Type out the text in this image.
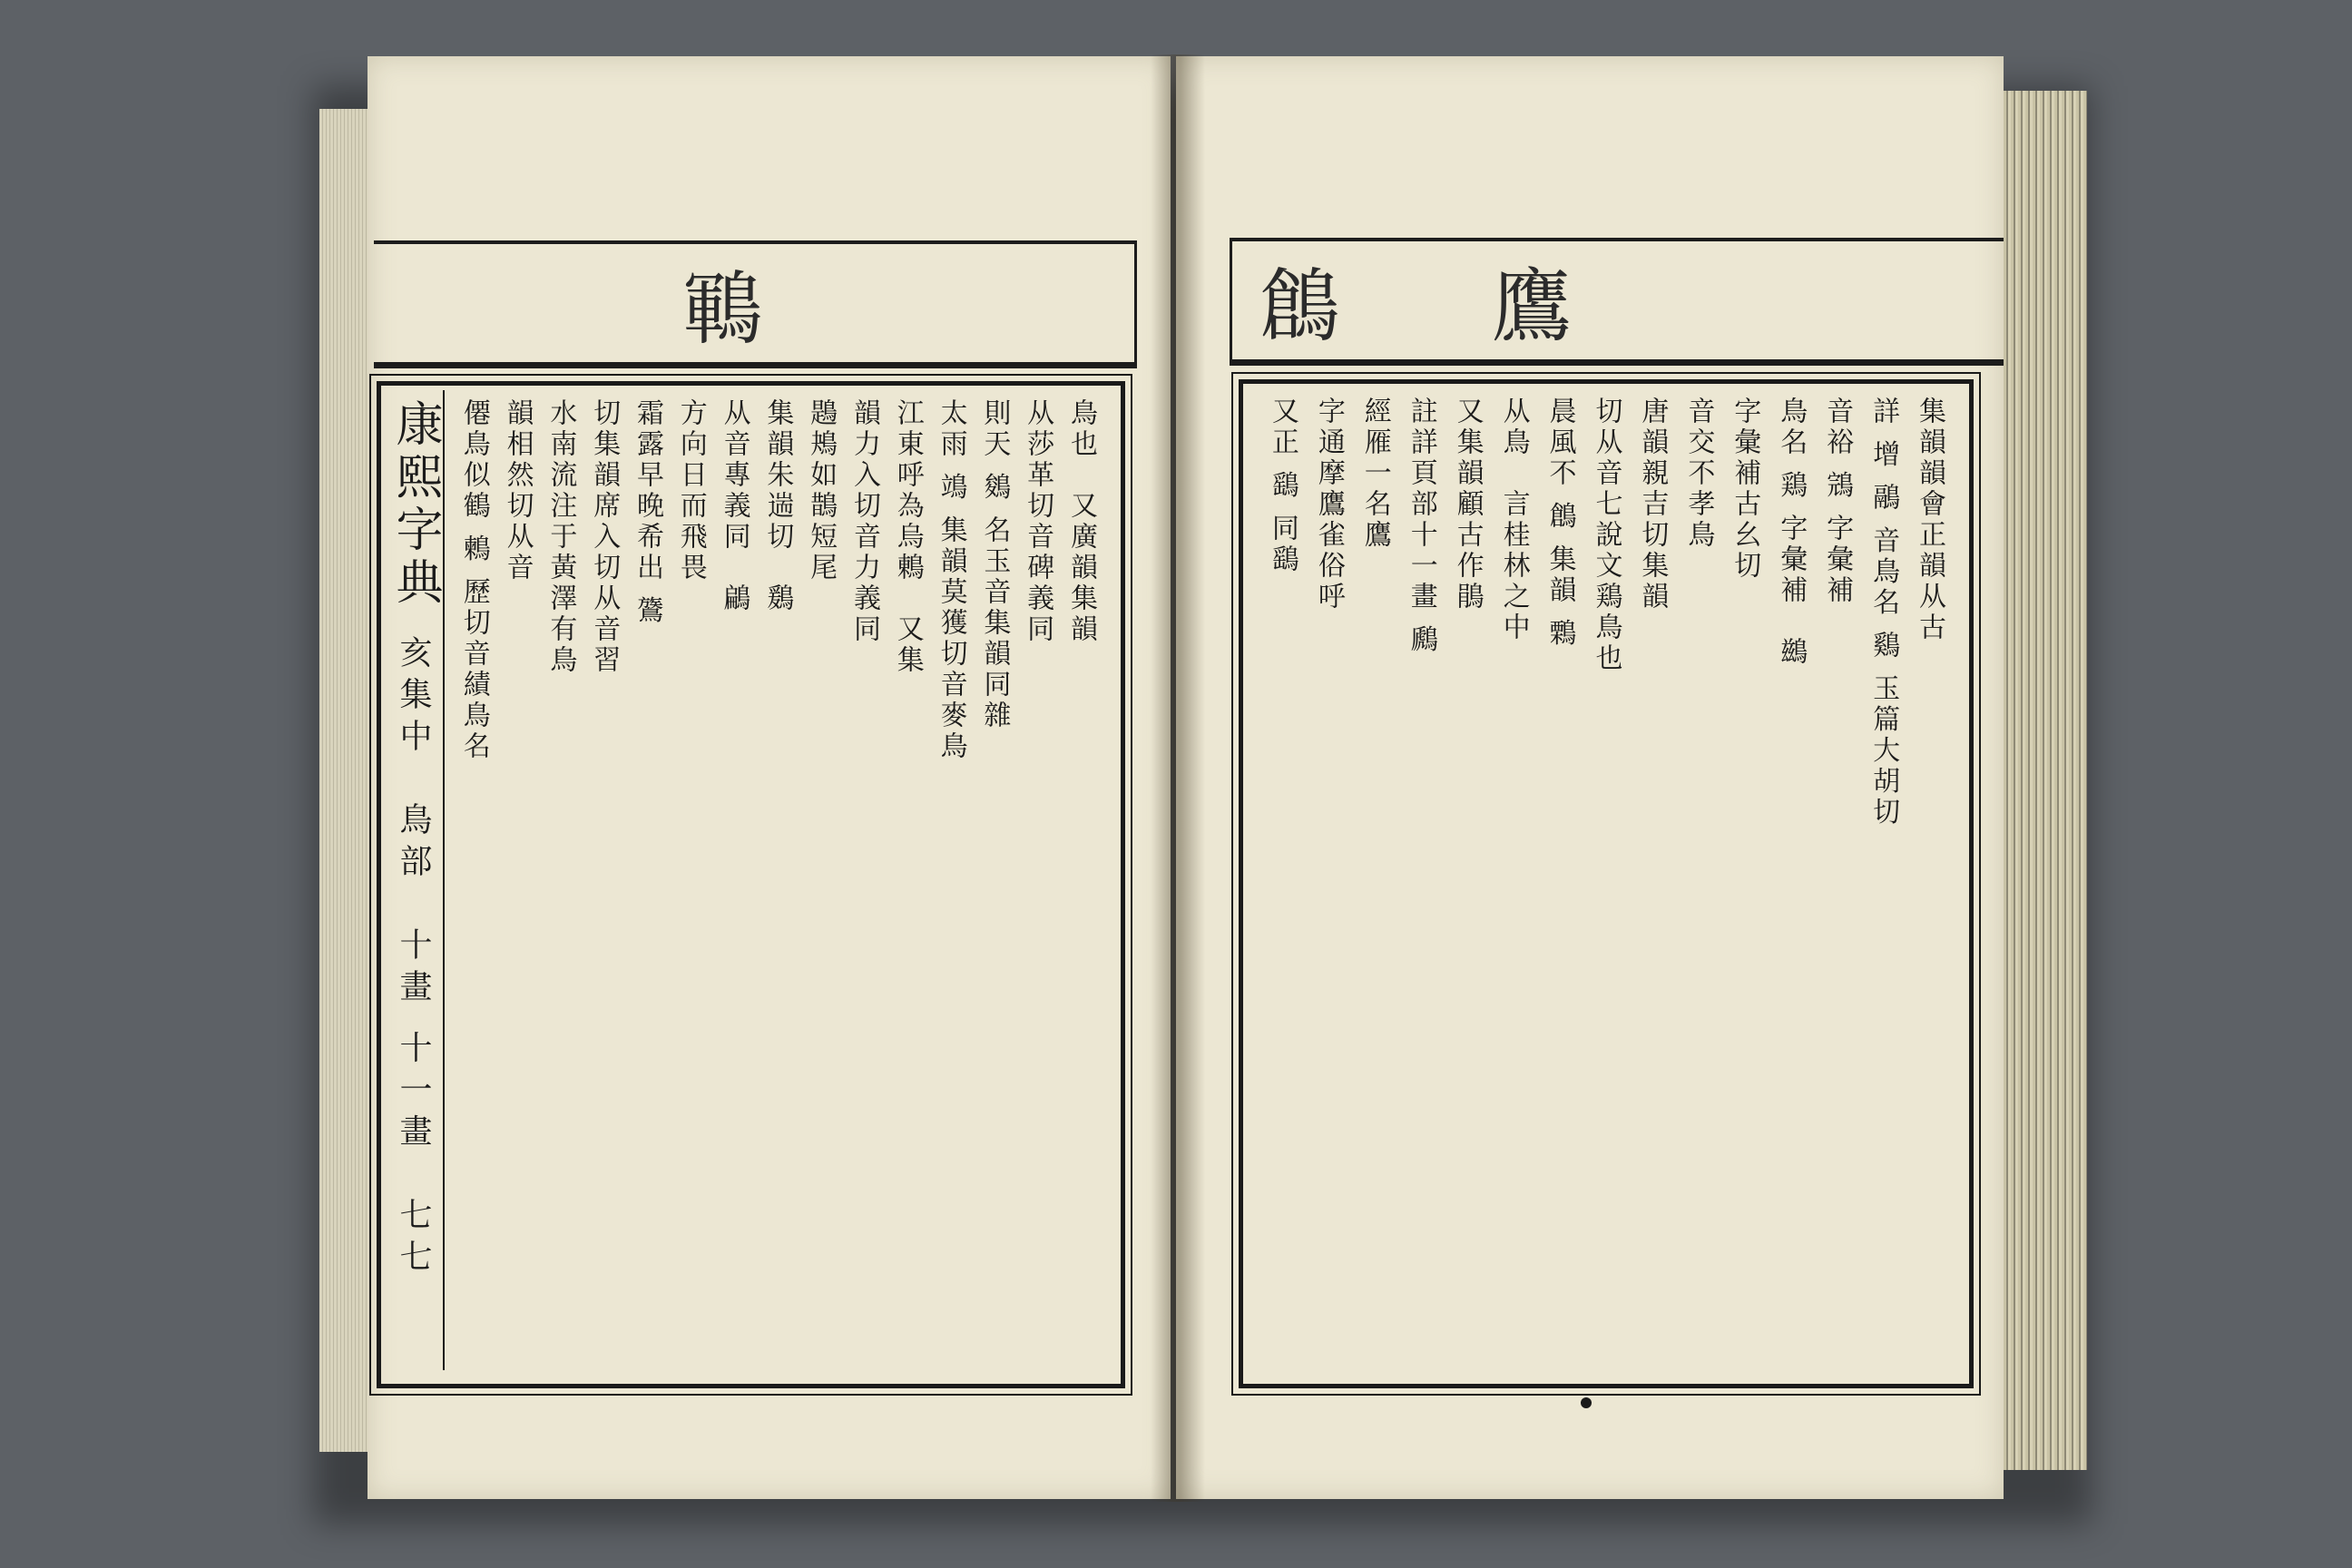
鶤	鶬　鷹
鳥也　又廣韻集韻
从莎革切音碑義同
則天 鵕 名玉音集韻同雜
太雨 鴗 集韻莫獲切音麥鳥
江東呼為烏鶇　又集
韻力入切音力義同
鶗鴂如鵲短尾
集韻朱遄切　鶢
从音專義同　鶣
方向日而飛畏
霜露早晚希出 鷟
切集韻席入切从音習
水南流注于黃澤有鳥
韻相然切从音
僊鳥似鶴 鶫 歷切音績鳥名
康熙字典
亥集中　鳥部　十畫 十一畫　七七
集韻韻會正韻从古
詳 增 鷊 音鳥名 鷄 玉篇大胡切
音裕 鵍 字彙補
鳥名 鶏 字彙補　鷀
字彙補古幺切
音交不孝鳥
唐韻親吉切集韻
切从音七說文鶏鳥也
晨風不 鶬 集韻 鷅
从鳥　言桂林之中
又集韻顧古作鵑
註詳頁部十一畫 鷉
經雁一名鷹
字通摩鷹雀俗呼
又正 鷂 同鷂
